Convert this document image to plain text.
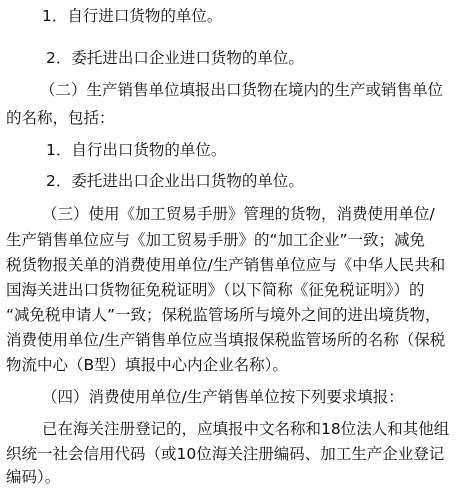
1．自行进口货物的单位。
2．委托进出口企业进口货物的单位。
（二）生产销售单位填报出口货物在境内的生产或销售单位
的名称，包括：
1．自行出口货物的单位。
2．委托进出口企业出口货物的单位。
（三）使用《加工贸易手册》管理的货物，消费使用单位/
生产销售单位应与《加工贸易手册》的“加工企业”一致；减免
税货物报关单的消费使用单位/生产销售单位应与《中华人民共和
国海关进出口货物征免税证明》（以下简称《征免税证明》）的
“减免税申请人”一致；保税监管场所与境外之间的进出境货物，
消费使用单位/生产销售单位应当填报保税监管场所的名称（保税
物流中心（B型）填报中心内企业名称）。
（四）消费使用单位/生产销售单位按下列要求填报：
已在海关注册登记的，应填报中文名称和18位法人和其他组
织统一社会信用代码（或10位海关注册编码、加工生产企业登记
编码）。
